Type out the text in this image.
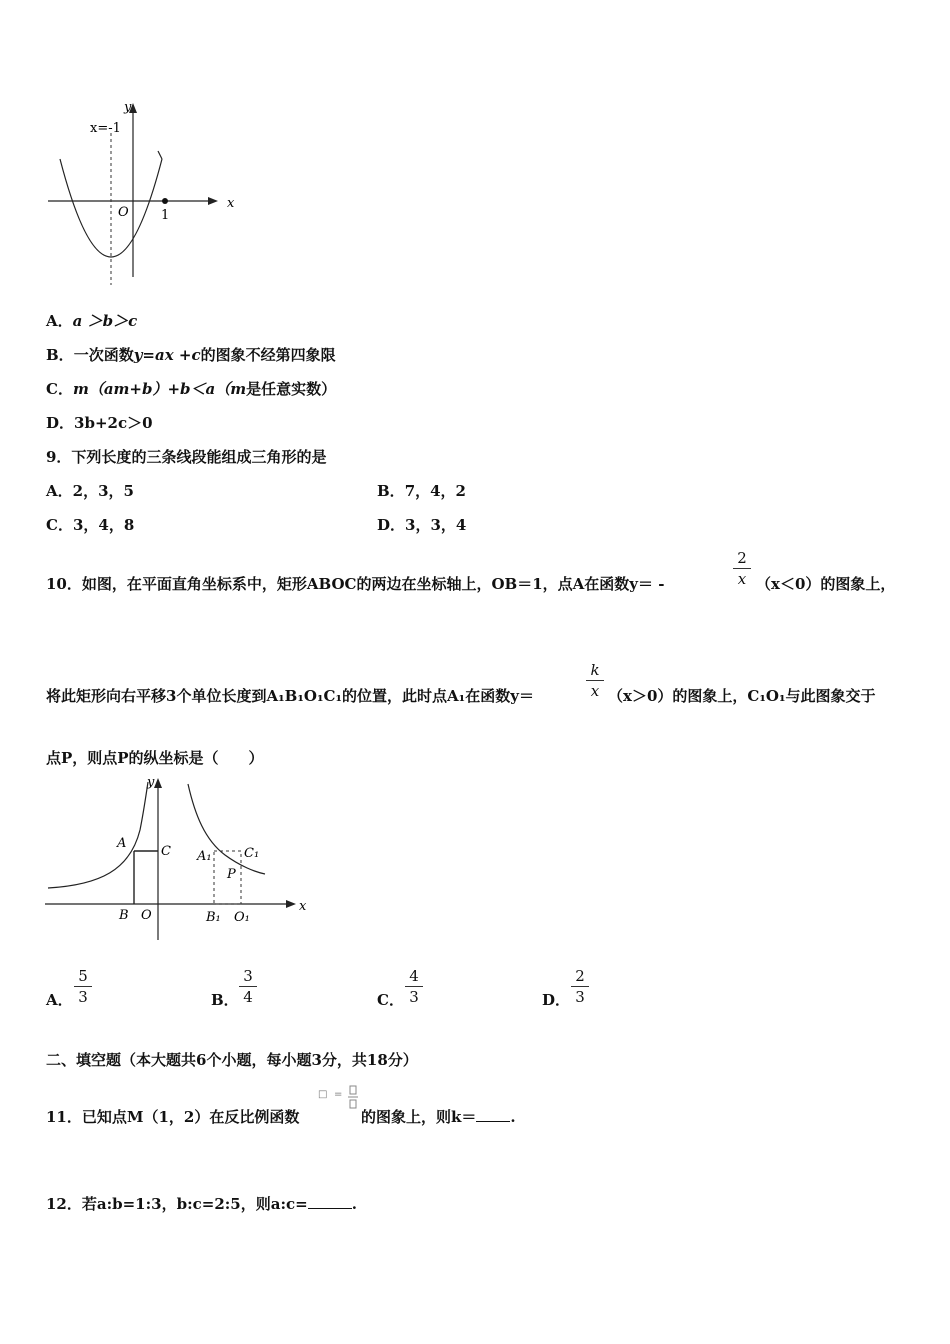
x
y
O 1
x=-1
A．a ＞b＞c
B．一次函数y=ax +c的图象不经第四象限
C．m（am+b）+b＜a（m是任意实数）
D．3b+2c＞0
9．下列长度的三条线段能组成三角形的是
A．2，3，5	B．7，4，2
C．3，4，8	D．3，3，4
10．如图，在平面直角坐标系中，矩形ABOC的两边在坐标轴上，OB＝1，点A在函数y＝ -
2
x （x＜0）的图象上，
将此矩形向右平移3个单位长度到A₁B₁O₁C₁的位置，此时点A₁在函数y＝
k
x （x＞0）的图象上，C₁O₁与此图象交于
点P，则点P的纵坐标是（　　）
A
C
B O
A₁ C₁
P
B₁ O₁
x
y
A．
5
3	B．
3
4	C．
4
3	D．
2
3
二、填空题（本大题共6个小题，每小题3分，共18分）
11．已知点M（1，2）在反比例函数
□ =
的图象上，则k＝ .
12．若a:b=1:3，b:c=2:5，则a:c=	.
